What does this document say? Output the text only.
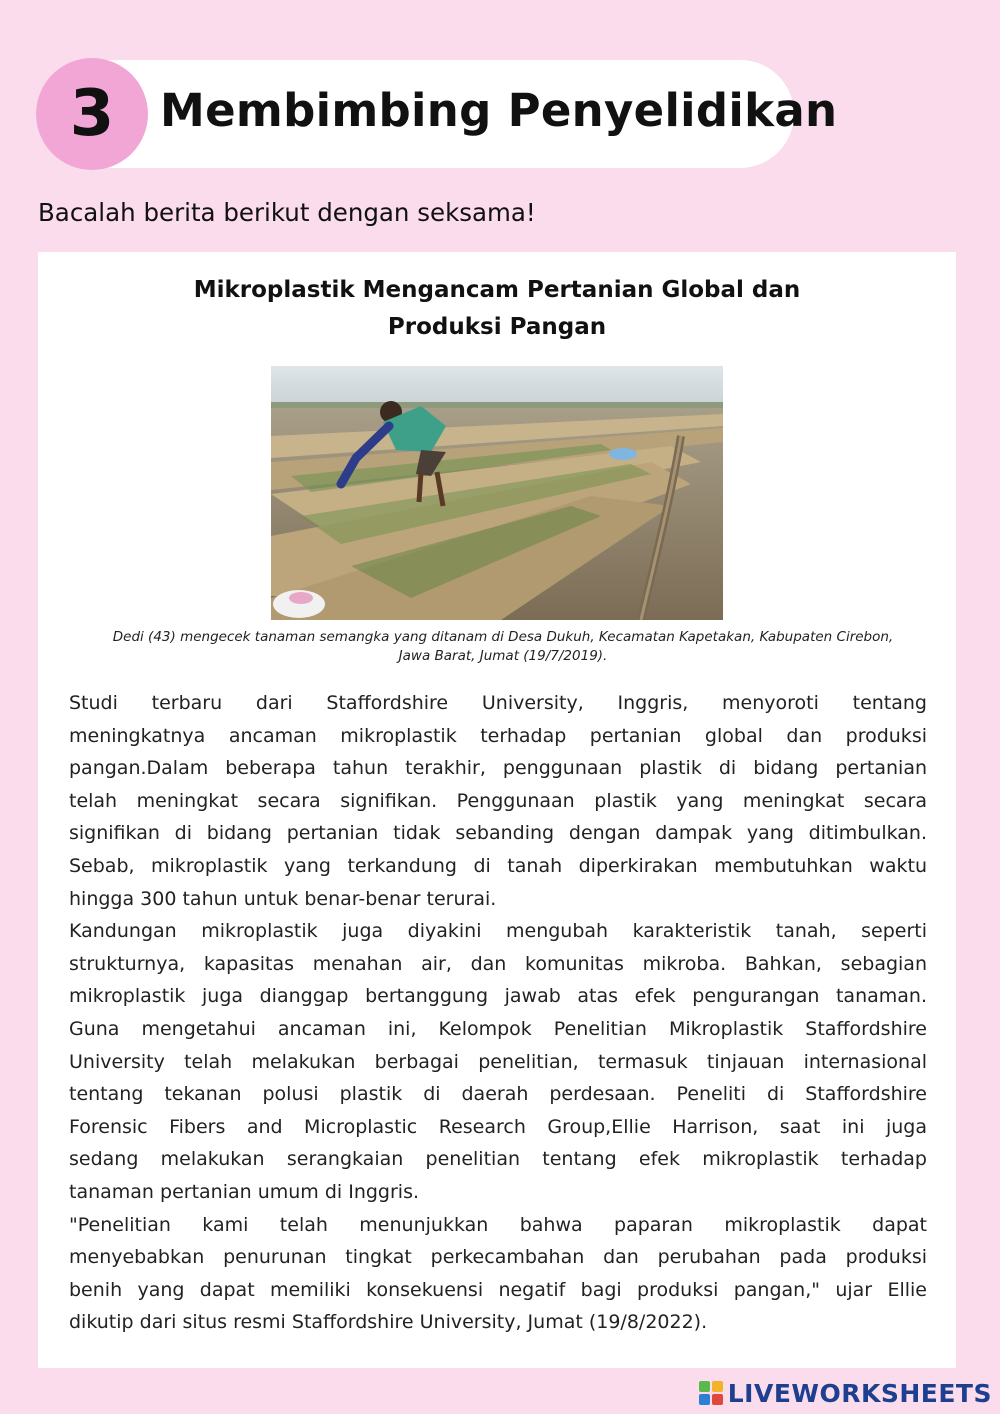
3	Membimbing Penyelidikan
Bacalah berita berikut dengan seksama!
Mikroplastik Mengancam Pertanian Global dan
Produksi Pangan
Dedi (43) mengecek tanaman semangka yang ditanam di Desa Dukuh, Kecamatan Kapetakan, Kabupaten Cirebon,
Jawa Barat, Jumat (19/7/2019).
Studi terbaru dari Staffordshire University, Inggris, menyoroti tentang
meningkatnya ancaman mikroplastik terhadap pertanian global dan produksi
pangan.Dalam beberapa tahun terakhir, penggunaan plastik di bidang pertanian
telah meningkat secara signifikan. Penggunaan plastik yang meningkat secara
signifikan di bidang pertanian tidak sebanding dengan dampak yang ditimbulkan.
Sebab, mikroplastik yang terkandung di tanah diperkirakan membutuhkan waktu
hingga 300 tahun untuk benar-benar terurai.
Kandungan mikroplastik juga diyakini mengubah karakteristik tanah, seperti
strukturnya, kapasitas menahan air, dan komunitas mikroba. Bahkan, sebagian
mikroplastik juga dianggap bertanggung jawab atas efek pengurangan tanaman.
Guna mengetahui ancaman ini, Kelompok Penelitian Mikroplastik Staffordshire
University telah melakukan berbagai penelitian, termasuk tinjauan internasional
tentang tekanan polusi plastik di daerah perdesaan. Peneliti di Staffordshire
Forensic Fibers and Microplastic Research Group,Ellie Harrison, saat ini juga
sedang melakukan serangkaian penelitian tentang efek mikroplastik terhadap
tanaman pertanian umum di Inggris.
"Penelitian kami telah menunjukkan bahwa paparan mikroplastik dapat
menyebabkan penurunan tingkat perkecambahan dan perubahan pada produksi
benih yang dapat memiliki konsekuensi negatif bagi produksi pangan," ujar Ellie
dikutip dari situs resmi Staffordshire University, Jumat (19/8/2022).
LIVEWORKSHEETS
